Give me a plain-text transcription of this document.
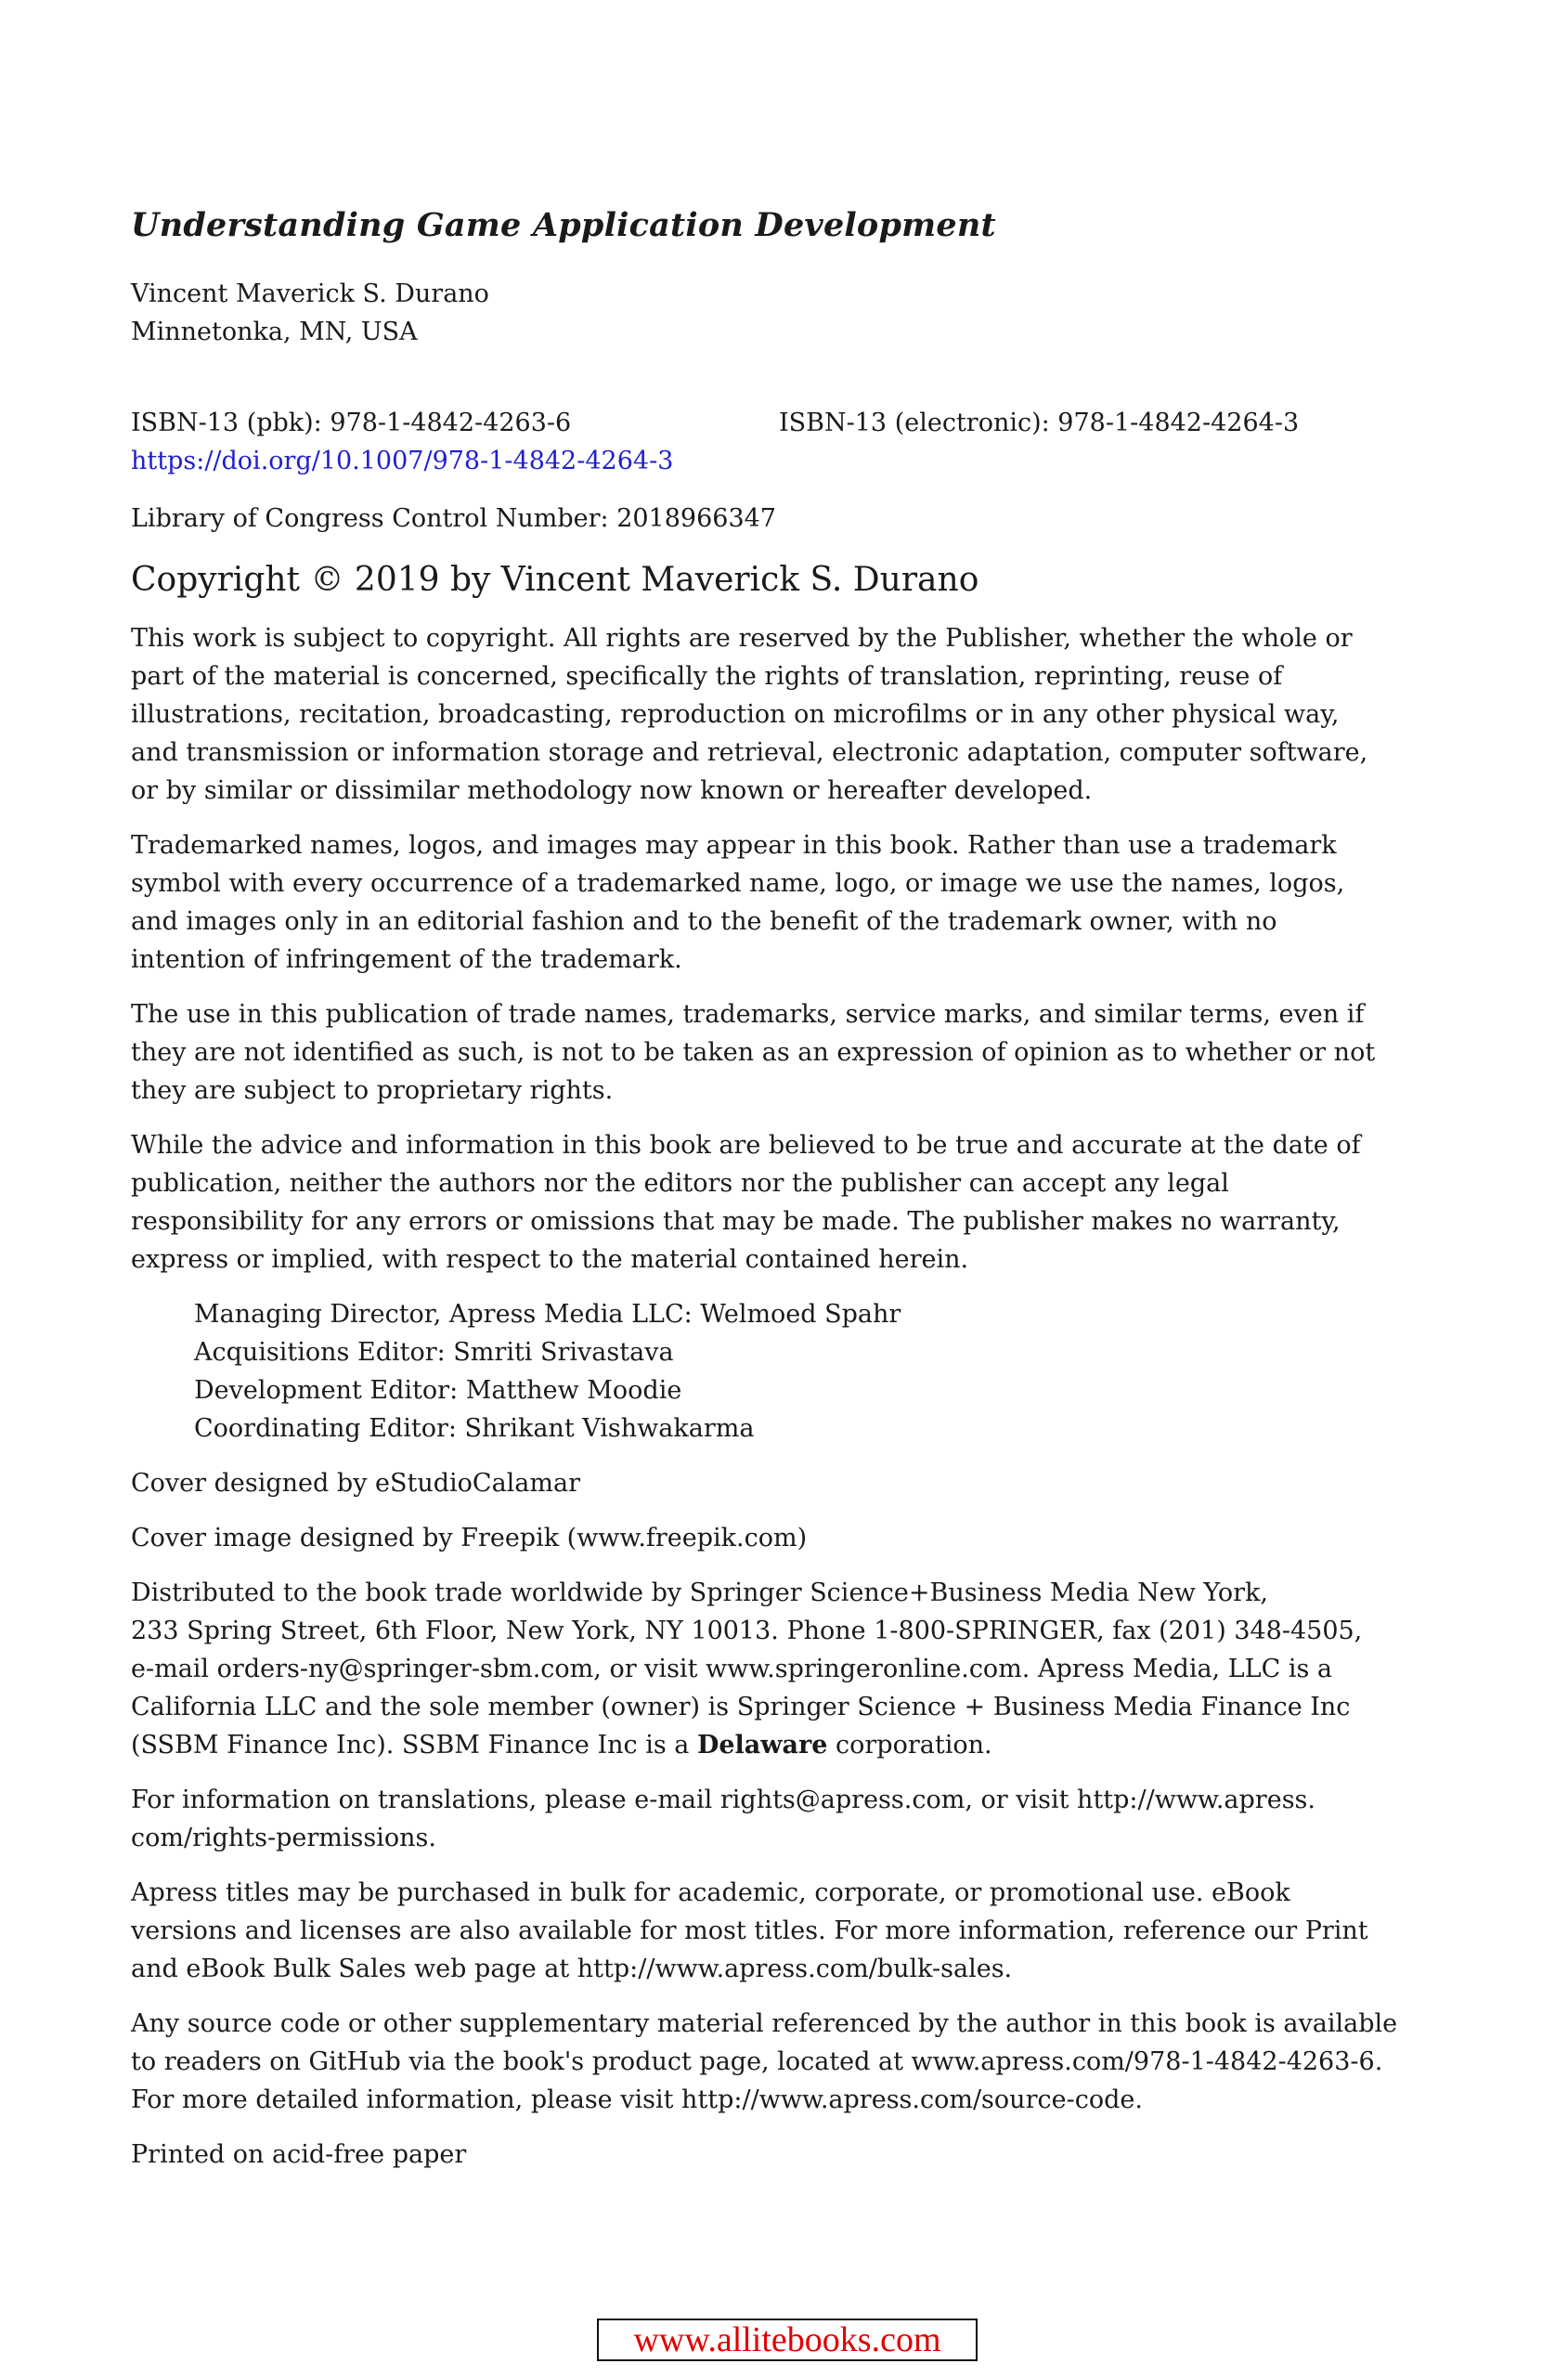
Understanding Game Application Development
Vincent Maverick S. Durano
Minnetonka, MN, USA
ISBN-13 (pbk): 978-1-4842-4263-6	ISBN-13 (electronic): 978-1-4842-4264-3
https://doi.org/10.1007/978-1-4842-4264-3
Library of Congress Control Number: 2018966347
Copyright © 2019 by Vincent Maverick S. Durano

This work is subject to copyright. All rights are reserved by the Publisher, whether the whole or
part of the material is concerned, specifically the rights of translation, reprinting, reuse of
illustrations, recitation, broadcasting, reproduction on microfilms or in any other physical way,
and transmission or information storage and retrieval, electronic adaptation, computer software,
or by similar or dissimilar methodology now known or hereafter developed.

Trademarked names, logos, and images may appear in this book. Rather than use a trademark
symbol with every occurrence of a trademarked name, logo, or image we use the names, logos,
and images only in an editorial fashion and to the benefit of the trademark owner, with no
intention of infringement of the trademark.

The use in this publication of trade names, trademarks, service marks, and similar terms, even if
they are not identified as such, is not to be taken as an expression of opinion as to whether or not
they are subject to proprietary rights.

While the advice and information in this book are believed to be true and accurate at the date of
publication, neither the authors nor the editors nor the publisher can accept any legal
responsibility for any errors or omissions that may be made. The publisher makes no warranty,
express or implied, with respect to the material contained herein.

Managing Director, Apress Media LLC: Welmoed Spahr
Acquisitions Editor: Smriti Srivastava
Development Editor: Matthew Moodie
Coordinating Editor: Shrikant Vishwakarma

Cover designed by eStudioCalamar

Cover image designed by Freepik (www.freepik.com)

Distributed to the book trade worldwide by Springer Science+Business Media New York,
233 Spring Street, 6th Floor, New York, NY 10013. Phone 1-800-SPRINGER, fax (201) 348-4505,
e-mail orders-ny@springer-sbm.com, or visit www.springeronline.com. Apress Media, LLC is a
California LLC and the sole member (owner) is Springer Science + Business Media Finance Inc
(SSBM Finance Inc). SSBM Finance Inc is a Delaware corporation.

For information on translations, please e-mail rights@apress.com, or visit http://www.apress.
com/rights-permissions.

Apress titles may be purchased in bulk for academic, corporate, or promotional use. eBook
versions and licenses are also available for most titles. For more information, reference our Print
and eBook Bulk Sales web page at http://www.apress.com/bulk-sales.

Any source code or other supplementary material referenced by the author in this book is available
to readers on GitHub via the book's product page, located at www.apress.com/978-1-4842-4263-6.
For more detailed information, please visit http://www.apress.com/source-code.

Printed on acid-free paper

www.allitebooks.com
